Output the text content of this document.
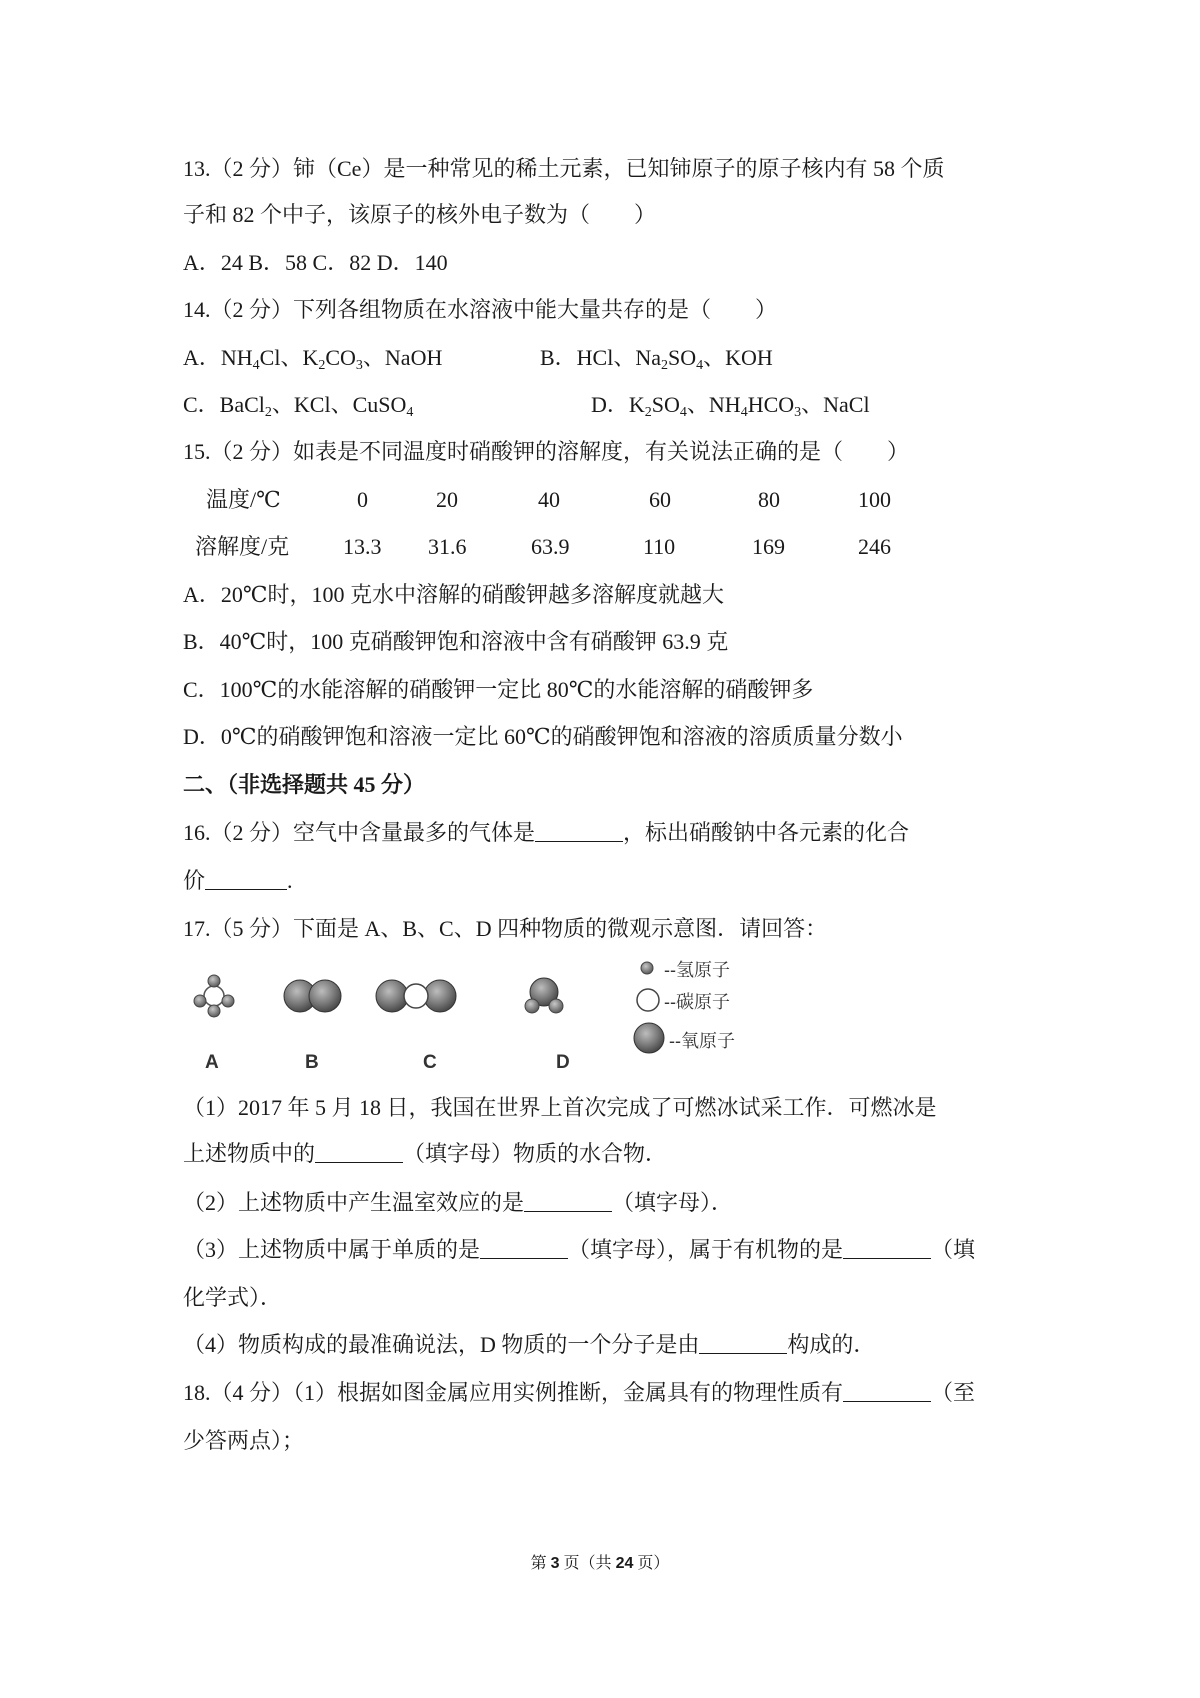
13.（2 分）铈（Ce）是一种常见的稀土元素，已知铈原子的原子核内有 58 个质
子和 82 个中子，该原子的核外电子数为（　　）
A．24 B．58 C．82 D．140
14.（2 分）下列各组物质在水溶液中能大量共存的是（　　）
A．$NH_4Cl$、$K_2CO_3$、NaOH	B．HCl、$Na_2SO_4$、KOH
C．BaCl$_2$、KCl、CuSO$_4$	D．$K_2SO_4$、$NH_4HCO_3$、NaCl
15.（2 分）如表是不同温度时硝酸钾的溶解度，有关说法正确的是（　　）
温度/℃	0	20	40	60	80	100
溶解度/克 13.3 31.6	63.9	110	169	246
A．20℃时，100 克水中溶解的硝酸钾越多溶解度就越大
B．40℃时，100 克硝酸钾饱和溶液中含有硝酸钾 63.9 克
C．100℃的水能溶解的硝酸钾一定比 80℃的水能溶解的硝酸钾多
D．0℃的硝酸钾饱和溶液一定比 60℃的硝酸钾饱和溶液的溶质质量分数小
二、（非选择题共 45 分）
16.（2 分）空气中含量最多的气体是	，标出硝酸钠中各元素的化合
价	.
17.（5 分）下面是 A、B、C、D 四种物质的微观示意图．请回答：
A	B	C	D
--氢原子
--碳原子
--氧原子
（1）2017 年 5 月 18 日，我国在世界上首次完成了可燃冰试采工作．可燃冰是
上述物质中的	（填字母）物质的水合物．
（2）上述物质中产生温室效应的是	（填字母）．
（3）上述物质中属于单质的是	（填字母），属于有机物的是	（填
化学式）．
（4）物质构成的最准确说法，D 物质的一个分子是由	构成的．
18.（4 分）（1）根据如图金属应用实例推断，金属具有的物理性质有	（至
少答两点）；
第 3 页（共 24 页）
